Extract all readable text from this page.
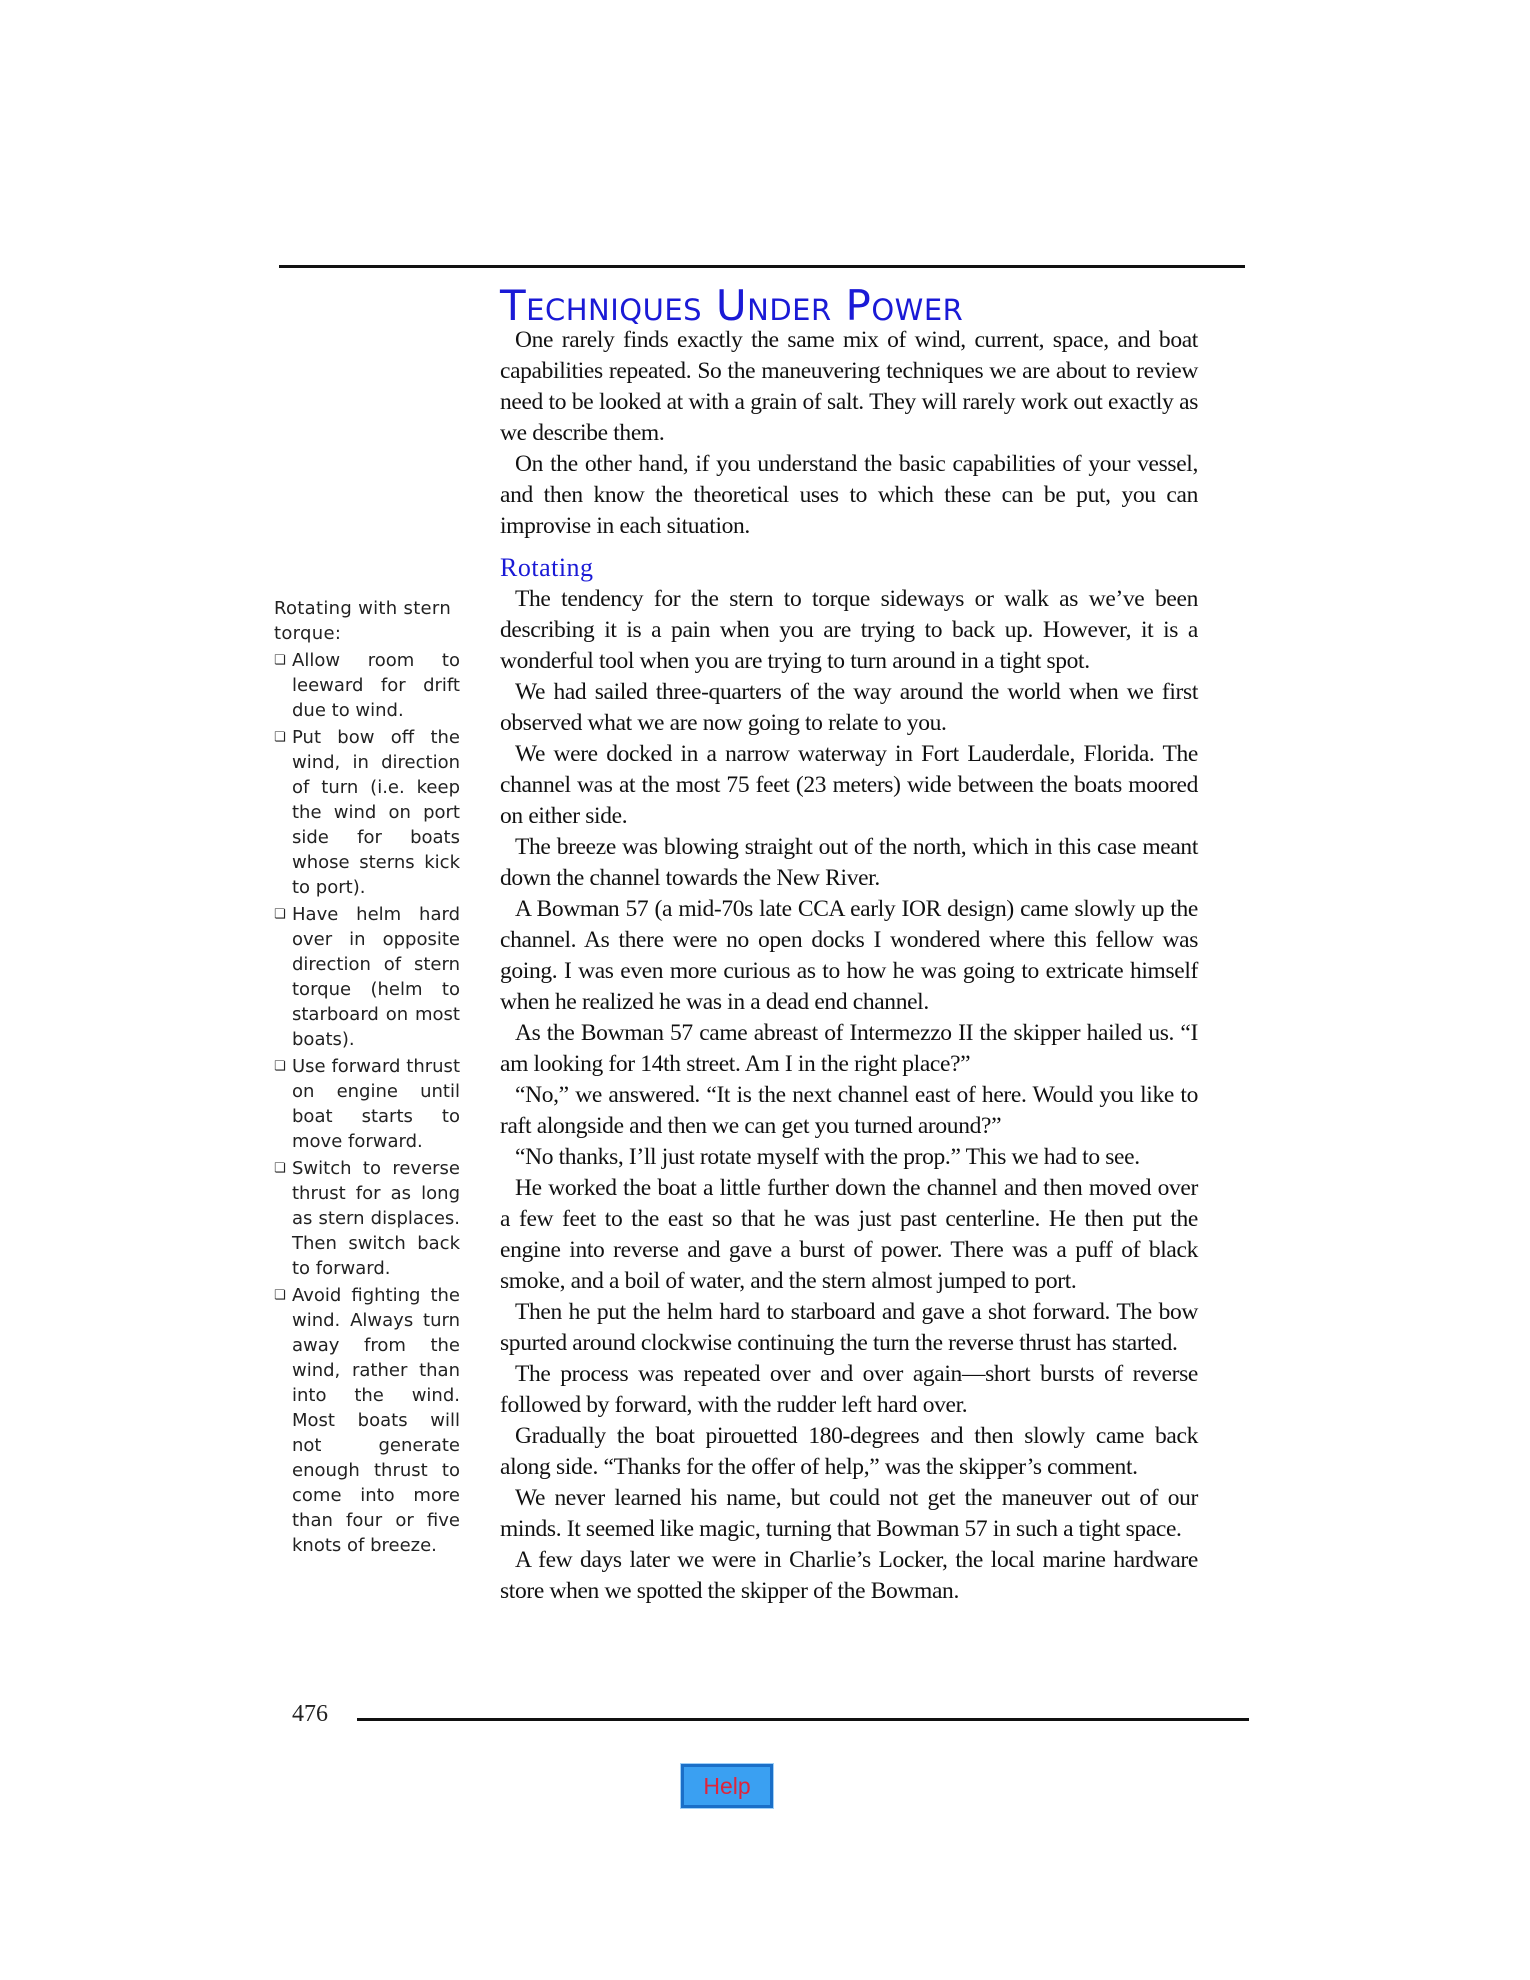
Techniques Under Power

One rarely finds exactly the same mix of wind, current, space, and boat capabilities repeated. So the maneuvering techniques we are about to review need to be looked at with a grain of salt. They will rarely work out exactly as we describe them.

On the other hand, if you understand the basic capabilities of your vessel, and then know the theoretical uses to which these can be put, you can improvise in each situation.

Rotating

The tendency for the stern to torque sideways or walk as we’ve been describing it is a pain when you are trying to back up. However, it is a wonderful tool when you are trying to turn around in a tight spot.

We had sailed three-quarters of the way around the world when we first observed what we are now going to relate to you.

We were docked in a narrow waterway in Fort Lauderdale, Florida. The channel was at the most 75 feet (23 meters) wide between the boats moored on either side.

The breeze was blowing straight out of the north, which in this case meant down the channel towards the New River.

A Bowman 57 (a mid-70s late CCA early IOR design) came slowly up the channel. As there were no open docks I wondered where this fellow was going. I was even more curious as to how he was going to extricate himself when he realized he was in a dead end channel.

As the Bowman 57 came abreast of Intermezzo II the skipper hailed us. “I am looking for 14th street. Am I in the right place?”

“No,” we answered. “It is the next channel east of here. Would you like to raft alongside and then we can get you turned around?”

“No thanks, I’ll just rotate myself with the prop.” This we had to see.

He worked the boat a little further down the channel and then moved over a few feet to the east so that he was just past centerline. He then put the engine into reverse and gave a burst of power. There was a puff of black smoke, and a boil of water, and the stern almost jumped to port.

Then he put the helm hard to starboard and gave a shot forward. The bow spurted around clockwise continuing the turn the reverse thrust has started.

The process was repeated over and over again—short bursts of reverse followed by forward, with the rudder left hard over.

Gradually the boat pirouetted 180-degrees and then slowly came back along side. “Thanks for the offer of help,” was the skipper’s comment.

We never learned his name, but could not get the maneuver out of our minds. It seemed like magic, turning that Bowman 57 in such a tight space.

A few days later we were in Charlie’s Locker, the local marine hardware store when we spotted the skipper of the Bowman.

Rotating with stern torque:
❏ Allow room to leeward for drift due to wind.
❏ Put bow off the wind, in direction of turn (i.e. keep the wind on port side for boats whose sterns kick to port).
❏ Have helm hard over in opposite direction of stern torque (helm to starboard on most boats).
❏ Use forward thrust on engine until boat starts to move forward.
❏ Switch to reverse thrust for as long as stern displaces. Then switch back to forward.
❏ Avoid fighting the wind. Always turn away from the wind, rather than into the wind. Most boats will not generate enough thrust to come into more than four or five knots of breeze.
476
Help
